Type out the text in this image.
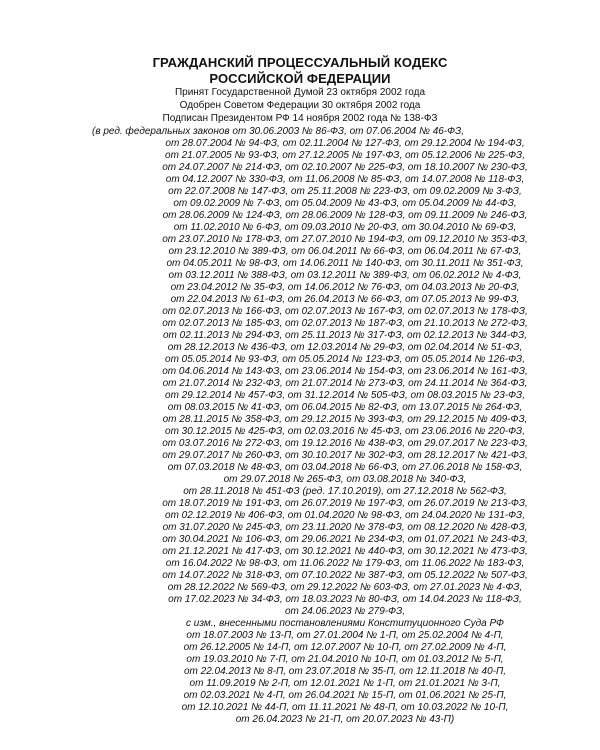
ГРАЖДАНСКИЙ ПРОЦЕССУАЛЬНЫЙ КОДЕКС
РОССИЙСКОЙ ФЕДЕРАЦИИ
Принят Государственной Думой 23 октября 2002 года
Одобрен Советом Федерации 30 октября 2002 года
Подписан Президентом РФ 14 ноября 2002 года № 138-ФЗ
(в ред. федеральных законов от 30.06.2003 № 86-ФЗ, от 07.06.2004 № 46-ФЗ,
от 28.07.2004 № 94-ФЗ, от 02.11.2004 № 127-ФЗ, от 29.12.2004 № 194-ФЗ,
от 21.07.2005 № 93-ФЗ, от 27.12.2005 № 197-ФЗ, от 05.12.2006 № 225-ФЗ,
от 24.07.2007 № 214-ФЗ, от 02.10.2007 № 225-ФЗ, от 18.10.2007 № 230-ФЗ,
от 04.12.2007 № 330-ФЗ, от 11.06.2008 № 85-ФЗ, от 14.07.2008 № 118-ФЗ,
от 22.07.2008 № 147-ФЗ, от 25.11.2008 № 223-ФЗ, от 09.02.2009 № 3-ФЗ,
от 09.02.2009 № 7-ФЗ, от 05.04.2009 № 43-ФЗ, от 05.04.2009 № 44-ФЗ,
от 28.06.2009 № 124-ФЗ, от 28.06.2009 № 128-ФЗ, от 09.11.2009 № 246-ФЗ,
от 11.02.2010 № 6-ФЗ, от 09.03.2010 № 20-ФЗ, от 30.04.2010 № 69-ФЗ,
от 23.07.2010 № 178-ФЗ, от 27.07.2010 № 194-ФЗ, от 09.12.2010 № 353-ФЗ,
от 23.12.2010 № 389-ФЗ, от 06.04.2011 № 66-ФЗ, от 06.04.2011 № 67-ФЗ,
от 04.05.2011 № 98-ФЗ, от 14.06.2011 № 140-ФЗ, от 30.11.2011 № 351-ФЗ,
от 03.12.2011 № 388-ФЗ, от 03.12.2011 № 389-ФЗ, от 06.02.2012 № 4-ФЗ,
от 23.04.2012 № 35-ФЗ, от 14.06.2012 № 76-ФЗ, от 04.03.2013 № 20-ФЗ,
от 22.04.2013 № 61-ФЗ, от 26.04.2013 № 66-ФЗ, от 07.05.2013 № 99-ФЗ,
от 02.07.2013 № 166-ФЗ, от 02.07.2013 № 167-ФЗ, от 02.07.2013 № 178-ФЗ,
от 02.07.2013 № 185-ФЗ, от 02.07.2013 № 187-ФЗ, от 21.10.2013 № 272-ФЗ,
от 02.11.2013 № 294-ФЗ, от 25.11.2013 № 317-ФЗ, от 02.12.2013 № 344-ФЗ,
от 28.12.2013 № 436-ФЗ, от 12.03.2014 № 29-ФЗ, от 02.04.2014 № 51-ФЗ,
от 05.05.2014 № 93-ФЗ, от 05.05.2014 № 123-ФЗ, от 05.05.2014 № 126-ФЗ,
от 04.06.2014 № 143-ФЗ, от 23.06.2014 № 154-ФЗ, от 23.06.2014 № 161-ФЗ,
от 21.07.2014 № 232-ФЗ, от 21.07.2014 № 273-ФЗ, от 24.11.2014 № 364-ФЗ,
от 29.12.2014 № 457-ФЗ, от 31.12.2014 № 505-ФЗ, от 08.03.2015 № 23-ФЗ,
от 08.03.2015 № 41-ФЗ, от 06.04.2015 № 82-ФЗ, от 13.07.2015 № 264-ФЗ,
от 28.11.2015 № 358-ФЗ, от 29.12.2015 № 393-ФЗ, от 29.12.2015 № 409-ФЗ,
от 30.12.2015 № 425-ФЗ, от 02.03.2016 № 45-ФЗ, от 23.06.2016 № 220-ФЗ,
от 03.07.2016 № 272-ФЗ, от 19.12.2016 № 438-ФЗ, от 29.07.2017 № 223-ФЗ,
от 29.07.2017 № 260-ФЗ, от 30.10.2017 № 302-ФЗ, от 28.12.2017 № 421-ФЗ,
от 07.03.2018 № 48-ФЗ, от 03.04.2018 № 66-ФЗ, от 27.06.2018 № 158-ФЗ,
от 29.07.2018 № 265-ФЗ, от 03.08.2018 № 340-ФЗ,
от 28.11.2018 № 451-ФЗ (ред. 17.10.2019), от 27.12.2018 № 562-ФЗ,
от 18.07.2019 № 191-ФЗ, от 26.07.2019 № 197-ФЗ, от 26.07.2019 № 213-ФЗ,
от 02.12.2019 № 406-ФЗ, от 01.04.2020 № 98-ФЗ, от 24.04.2020 № 131-ФЗ,
от 31.07.2020 № 245-ФЗ, от 23.11.2020 № 378-ФЗ, от 08.12.2020 № 428-ФЗ,
от 30.04.2021 № 106-ФЗ, от 29.06.2021 № 234-ФЗ, от 01.07.2021 № 243-ФЗ,
от 21.12.2021 № 417-ФЗ, от 30.12.2021 № 440-ФЗ, от 30.12.2021 № 473-ФЗ,
от 16.04.2022 № 98-ФЗ, от 11.06.2022 № 179-ФЗ, от 11.06.2022 № 183-ФЗ,
от 14.07.2022 № 318-ФЗ, от 07.10.2022 № 387-ФЗ, от 05.12.2022 № 507-ФЗ,
от 28.12.2022 № 569-ФЗ, от 29.12.2022 № 603-ФЗ, от 27.01.2023 № 4-ФЗ,
от 17.02.2023 № 34-ФЗ, от 18.03.2023 № 80-ФЗ, от 14.04.2023 № 118-ФЗ,
от 24.06.2023 № 279-ФЗ,
с изм., внесенными постановлениями Конституционного Суда РФ
от 18.07.2003 № 13-П, от 27.01.2004 № 1-П, от 25.02.2004 № 4-П,
от 26.12.2005 № 14-П, от 12.07.2007 № 10-П, от 27.02.2009 № 4-П,
от 19.03.2010 № 7-П, от 21.04.2010 № 10-П, от 01.03.2012 № 5-П,
от 22.04.2013 № 8-П, от 23.07.2018 № 35-П, от 12.11.2018 № 40-П,
от 11.09.2019 № 2-П, от 12.01.2021 № 1-П, от 21.01.2021 № 3-П,
от 02.03.2021 № 4-П, от 26.04.2021 № 15-П, от 01.06.2021 № 25-П,
от 12.10.2021 № 44-П, от 11.11.2021 № 48-П, от 10.03.2022 № 10-П,
от 26.04.2023 № 21-П, от 20.07.2023 № 43-П)
